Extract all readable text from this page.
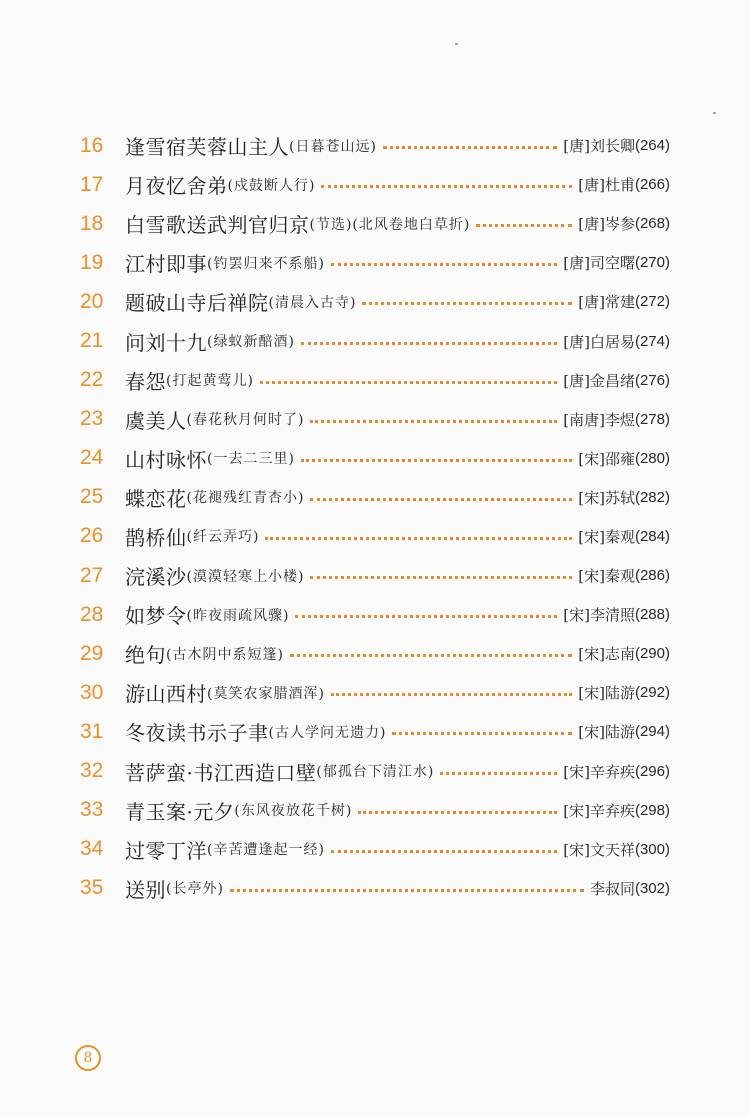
16	逢雪宿芙蓉山主人 (日暮苍山远)	[唐]刘长卿 (264)
17	月夜忆舍弟 (戍鼓断人行)	[唐]杜甫 (266)
18	白雪歌送武判官归京 (节选)(北风卷地白草折)	[唐]岑参 (268)
19	江村即事 (钓罢归来不系船)	[唐]司空曙 (270)
20	题破山寺后禅院 (清晨入古寺)	[唐]常建 (272)
21	问刘十九 (绿蚁新醅酒)	[唐]白居易 (274)
22	春怨 (打起黄莺儿)	[唐]金昌绪 (276)
23	虞美人 (春花秋月何时了)	[南唐]李煜 (278)
24	山村咏怀 (一去二三里)	[宋]邵雍 (280)
25	蝶恋花 (花褪残红青杏小)	[宋]苏轼 (282)
26	鹊桥仙 (纤云弄巧)	[宋]秦观 (284)
27	浣溪沙 (漠漠轻寒上小楼)	[宋]秦观 (286)
28	如梦令 (昨夜雨疏风骤)	[宋]李清照 (288)
29	绝句 (古木阴中系短篷)	[宋]志南 (290)
30	游山西村 (莫笑农家腊酒浑)	[宋]陆游 (292)
31	冬夜读书示子聿 (古人学问无遗力)	[宋]陆游 (294)
32	菩萨蛮·书江西造口壁 (郁孤台下清江水)	[宋]辛弃疾 (296)
33	青玉案·元夕 (东风夜放花千树)	[宋]辛弃疾 (298)
34	过零丁洋 (辛苦遭逢起一经)	[宋]文天祥 (300)
35	送别 (长亭外)	李叔同 (302)
8
